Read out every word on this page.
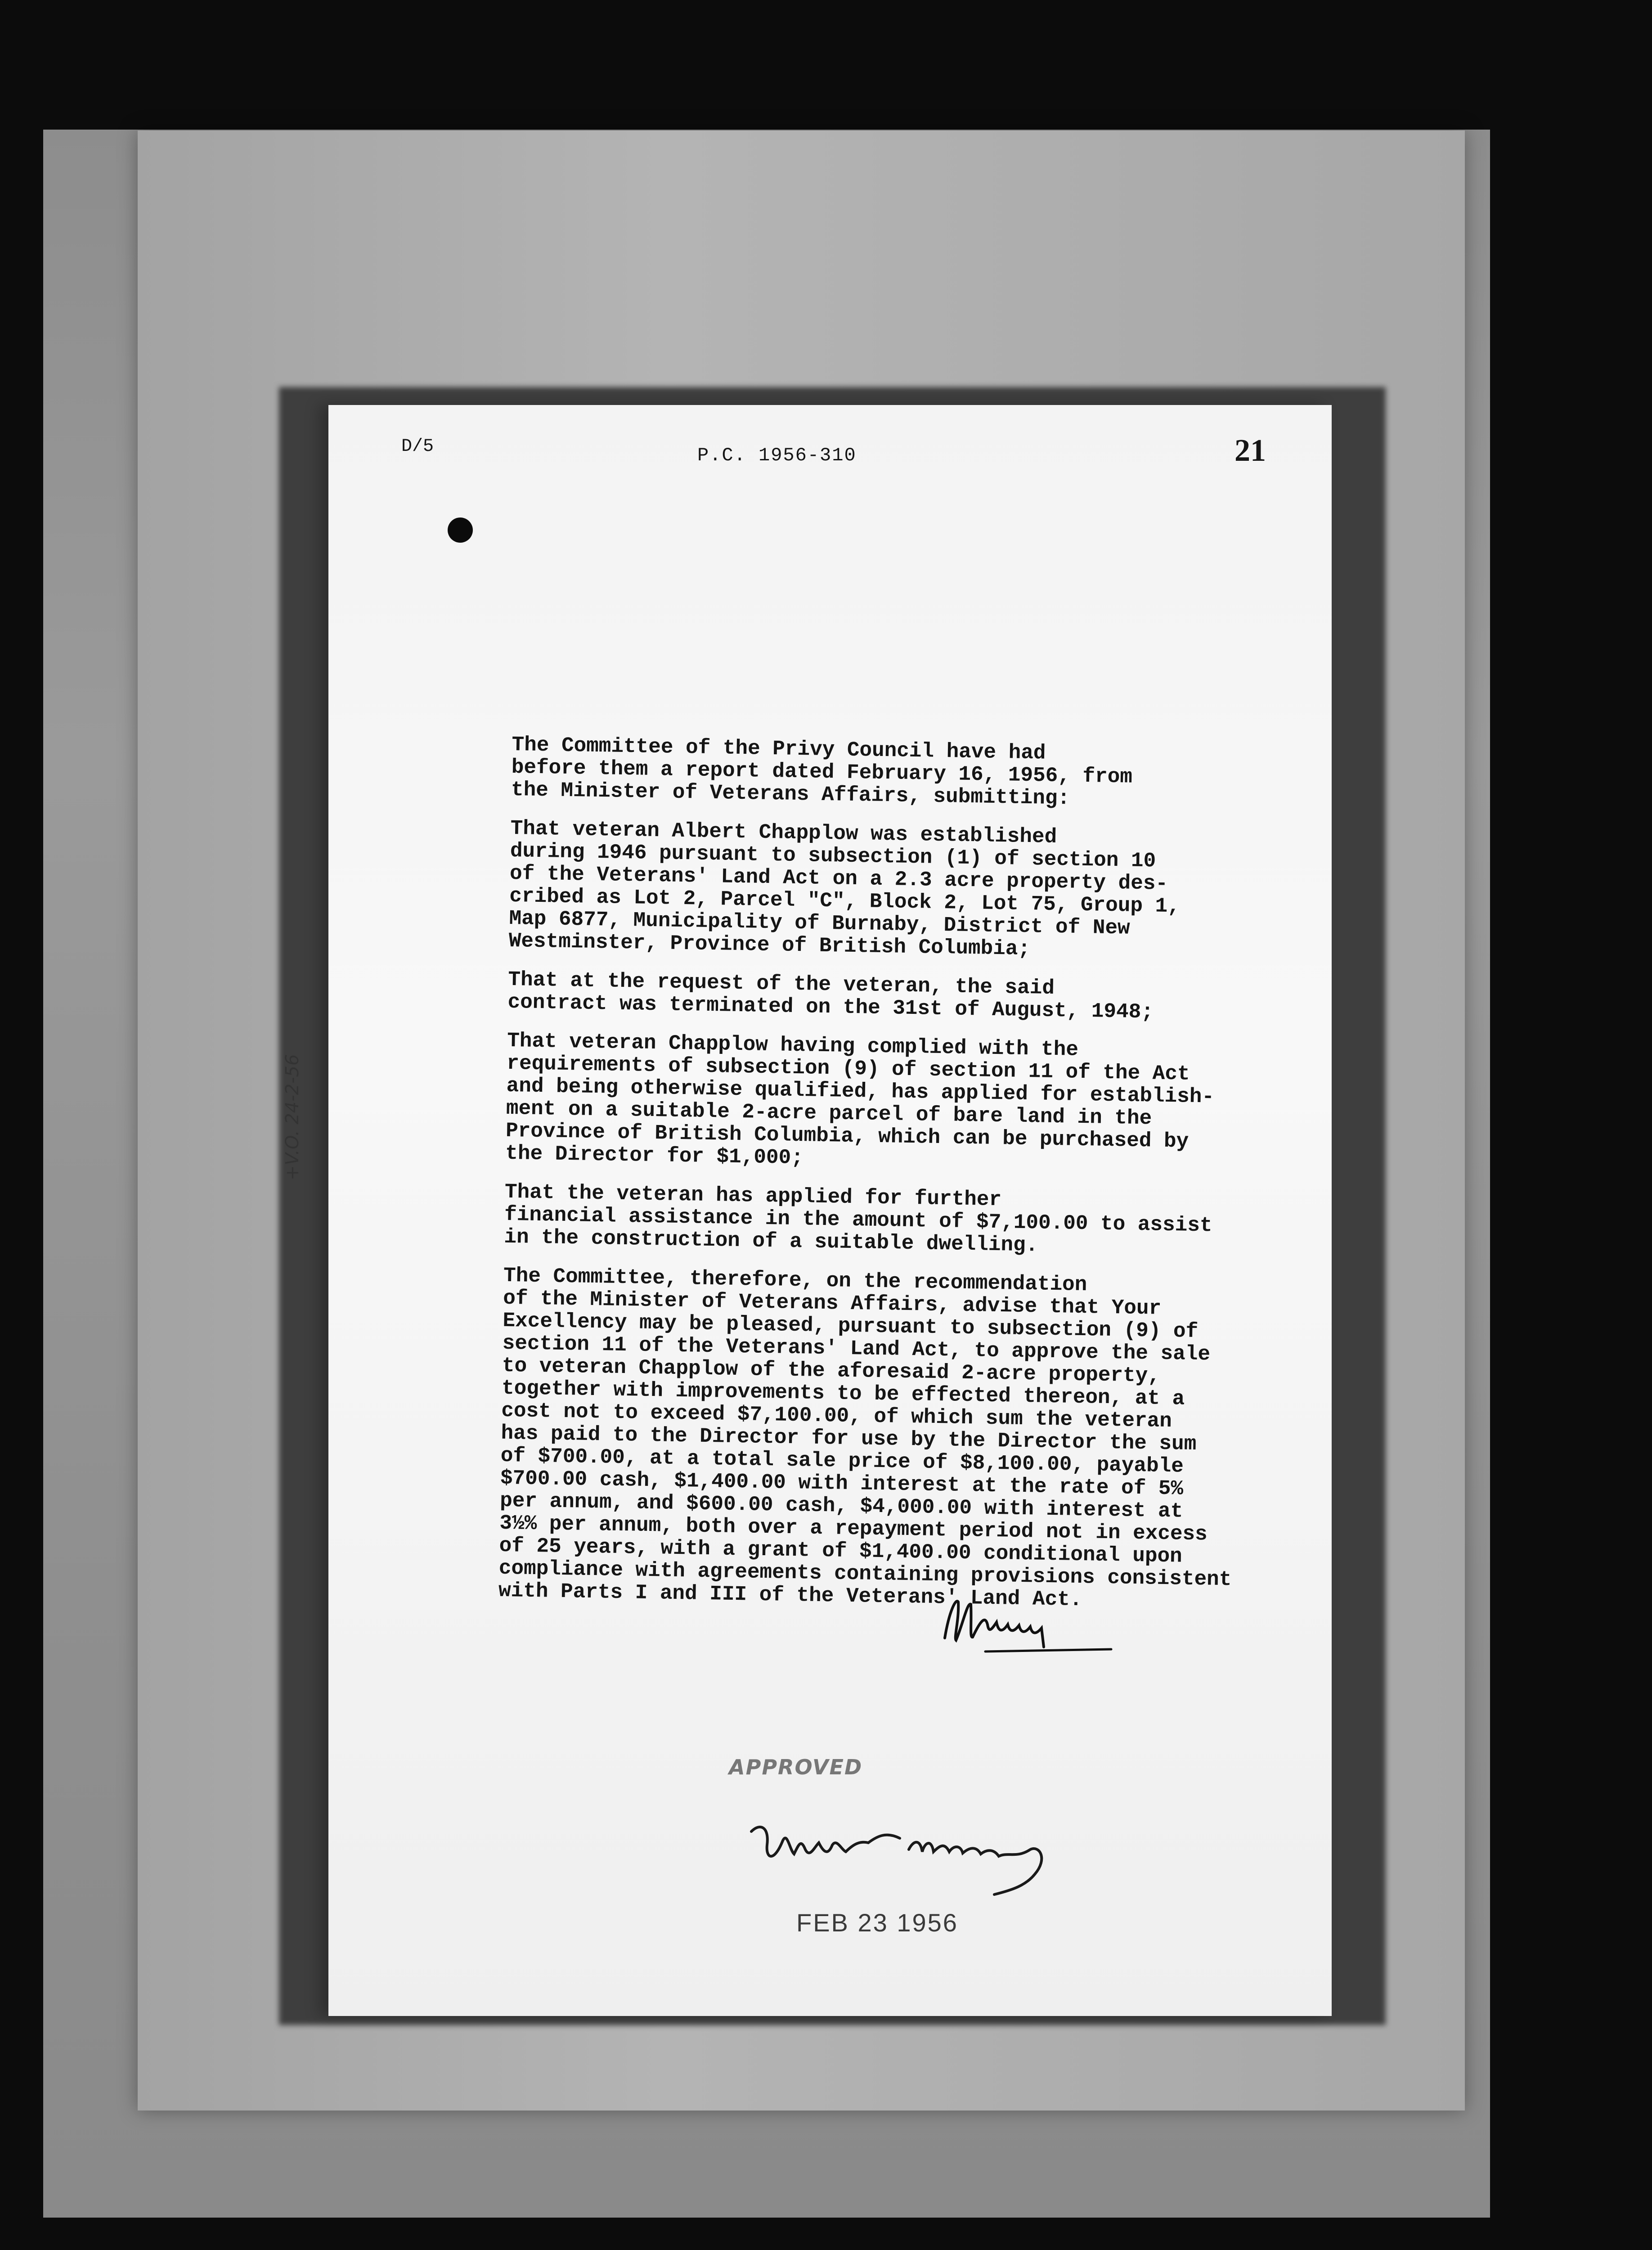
D/5	P.C. 1956-310	21
+V.O. 24-2-56

The Committee of the Privy Council have had
before them a report dated February 16, 1956, from
the Minister of Veterans Affairs, submitting:

That veteran Albert Chapplow was established
during 1946 pursuant to subsection (1) of section 10
of the Veterans' Land Act on a 2.3 acre property des-
cribed as Lot 2, Parcel "C", Block 2, Lot 75, Group 1,
Map 6877, Municipality of Burnaby, District of New
Westminster, Province of British Columbia;

That at the request of the veteran, the said
contract was terminated on the 31st of August, 1948;

That veteran Chapplow having complied with the
requirements of subsection (9) of section 11 of the Act
and being otherwise qualified, has applied for establish-
ment on a suitable 2-acre parcel of bare land in the
Province of British Columbia, which can be purchased by
the Director for $1,000;

That the veteran has applied for further
financial assistance in the amount of $7,100.00 to assist
in the construction of a suitable dwelling.

The Committee, therefore, on the recommendation
of the Minister of Veterans Affairs, advise that Your
Excellency may be pleased, pursuant to subsection (9) of
section 11 of the Veterans' Land Act, to approve the sale
to veteran Chapplow of the aforesaid 2-acre property,
together with improvements to be effected thereon, at a
cost not to exceed $7,100.00, of which sum the veteran
has paid to the Director for use by the Director the sum
of $700.00, at a total sale price of $8,100.00, payable
$700.00 cash, $1,400.00 with interest at the rate of 5%
per annum, and $600.00 cash, $4,000.00 with interest at
3½% per annum, both over a repayment period not in excess
of 25 years, with a grant of $1,400.00 conditional upon
compliance with agreements containing provisions consistent
with Parts I and III of the Veterans' Land Act.

APPROVED
FEB 23 1956
